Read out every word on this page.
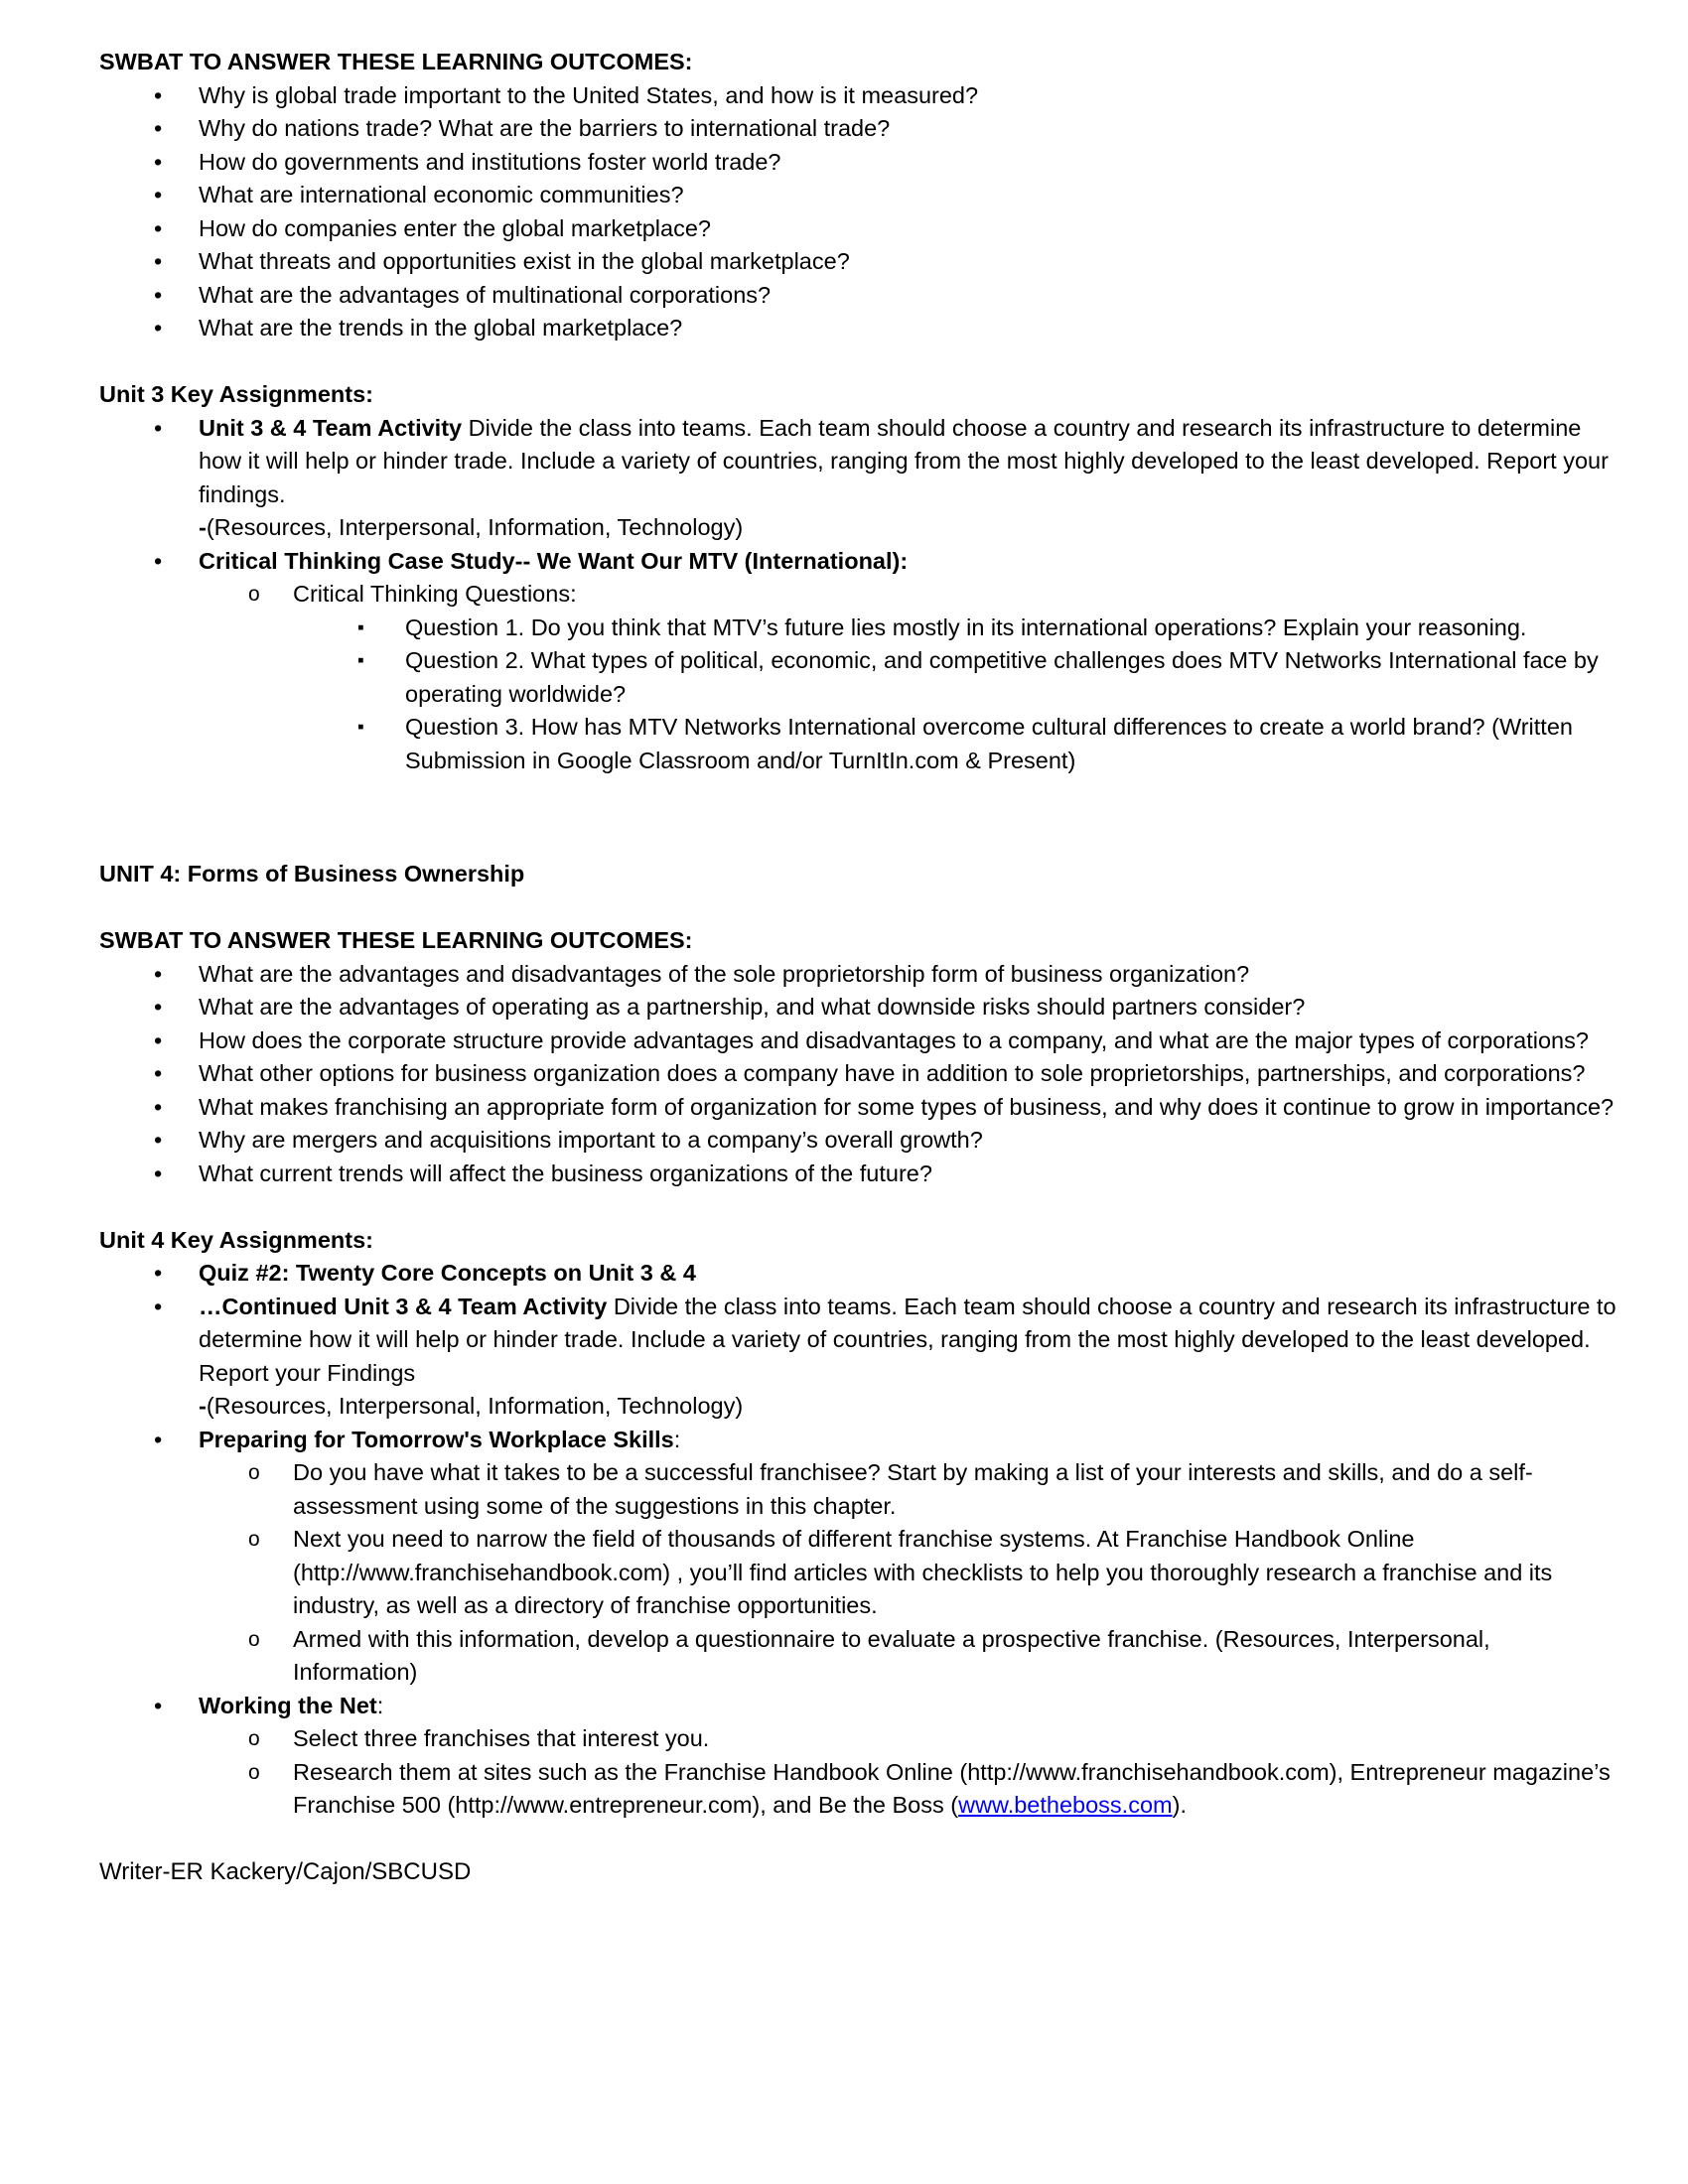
SWBAT TO ANSWER THESE LEARNING OUTCOMES:
•	Why is global trade important to the United States, and how is it measured?
•	Why do nations trade? What are the barriers to international trade?
•	How do governments and institutions foster world trade?
•	What are international economic communities?
•	How do companies enter the global marketplace?
•	What threats and opportunities exist in the global marketplace?
•	What are the advantages of multinational corporations?
•	What are the trends in the global marketplace?
Unit 3 Key Assignments:
•	Unit 3 & 4 Team Activity Divide the class into teams. Each team should choose a country and research its infrastructure to determine how it will help or hinder trade. Include a variety of countries, ranging from the most highly developed to the least developed. Report your findings.
-(Resources, Interpersonal, Information, Technology)
•	Critical Thinking Case Study-- We Want Our MTV (International):
o	Critical Thinking Questions:
▪	Question 1. Do you think that MTV’s future lies mostly in its international operations? Explain your reasoning.
▪	Question 2. What types of political, economic, and competitive challenges does MTV Networks International face by operating worldwide?
▪	Question 3. How has MTV Networks International overcome cultural differences to create a world brand? (Written Submission in Google Classroom and/or TurnItIn.com & Present)
UNIT 4: Forms of Business Ownership
SWBAT TO ANSWER THESE LEARNING OUTCOMES:
•	What are the advantages and disadvantages of the sole proprietorship form of business organization?
•	What are the advantages of operating as a partnership, and what downside risks should partners consider?
•	How does the corporate structure provide advantages and disadvantages to a company, and what are the major types of corporations?
•	What other options for business organization does a company have in addition to sole proprietorships, partnerships, and corporations?
•	What makes franchising an appropriate form of organization for some types of business, and why does it continue to grow in importance?
•	Why are mergers and acquisitions important to a company’s overall growth?
•	What current trends will affect the business organizations of the future?
Unit 4 Key Assignments:
•	Quiz #2: Twenty Core Concepts on Unit 3 & 4
•	…Continued Unit 3 & 4 Team Activity Divide the class into teams. Each team should choose a country and research its infrastructure to determine how it will help or hinder trade. Include a variety of countries, ranging from the most highly developed to the least developed. Report your Findings
-(Resources, Interpersonal, Information, Technology)
•	Preparing for Tomorrow's Workplace Skills:
o	Do you have what it takes to be a successful franchisee? Start by making a list of your interests and skills, and do a self-assessment using some of the suggestions in this chapter.
o	Next you need to narrow the field of thousands of different franchise systems. At Franchise Handbook Online (http://www.franchisehandbook.com) , you’ll find articles with checklists to help you thoroughly research a franchise and its industry, as well as a directory of franchise opportunities.
o	Armed with this information, develop a questionnaire to evaluate a prospective franchise. (Resources, Interpersonal, Information)
•	Working the Net:
o	Select three franchises that interest you.
o	Research them at sites such as the Franchise Handbook Online (http://www.franchisehandbook.com), Entrepreneur magazine’s Franchise 500 (http://www.entrepreneur.com), and Be the Boss (www.betheboss.com).
Writer-ER Kackery/Cajon/SBCUSD
